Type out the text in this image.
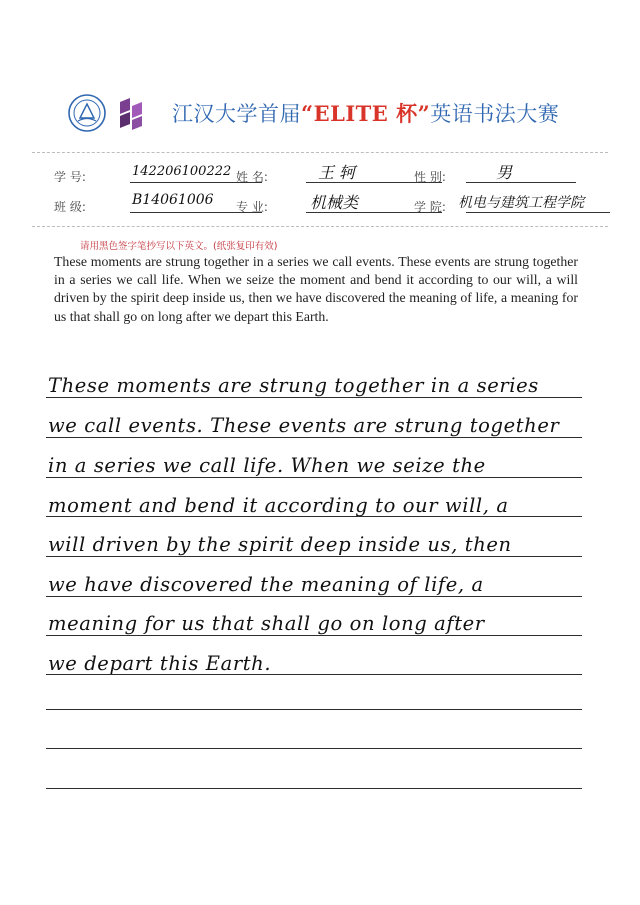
江汉大学首届“ELITE 杯”英语书法大赛
学 号:	142206100222 姓 名:	王 轲	性 别:	男
班 级:	B14061006 专 业:	机械类	学 院: 机电与建筑工程学院
请用黑色签字笔抄写以下英文。(纸张复印有效)
These moments are strung together in a series we call events. These events are strung together in a series we call life. When we seize the moment and bend it according to our will, a will driven by the spirit deep inside us, then we have discovered the meaning of life, a meaning for us that shall go on long after we depart this Earth.
These moments are strung together in a series
we call events. These events are strung together
in a series we call life. When we seize the
moment and bend it according to our will, a
will driven by the spirit deep inside us, then
we have discovered the meaning of life, a
meaning for us that shall go on long after
we depart this Earth.
